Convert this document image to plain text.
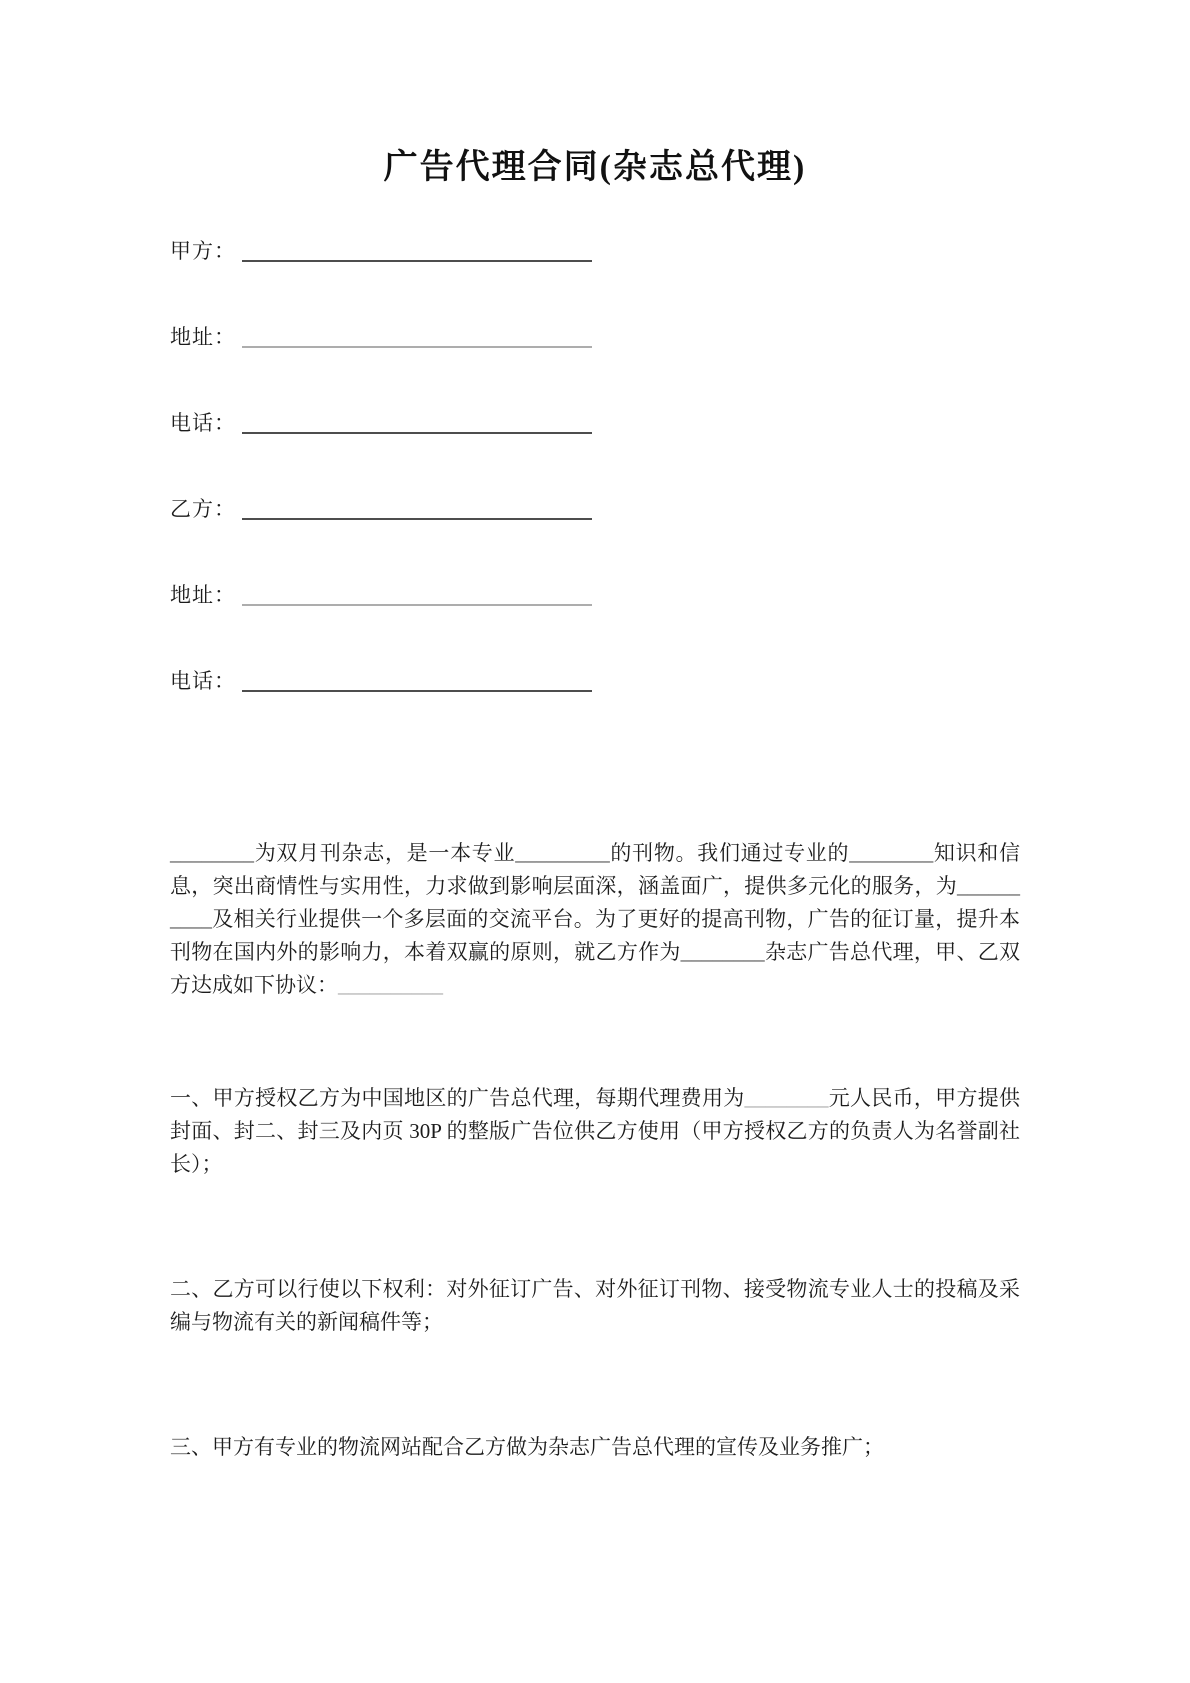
广告代理合同(杂志总代理)
甲方：
地址：
电话：
乙方：
地址：
电话：

________为双月刊杂志，是一本专业_________的刊物。我们通过专业的________知识和信息，突出商情性与实用性，力求做到影响层面深，涵盖面广，提供多元化的服务，为__________及相关行业提供一个多层面的交流平台。为了更好的提高刊物，广告的征订量，提升本刊物在国内外的影响力，本着双赢的原则，就乙方作为________杂志广告总代理，甲、乙双方达成如下协议：__________

一、甲方授权乙方为中国地区的广告总代理，每期代理费用为________元人民币，甲方提供封面、封二、封三及内页 30P 的整版广告位供乙方使用（甲方授权乙方的负责人为名誉副社长）；

二、乙方可以行使以下权利：对外征订广告、对外征订刊物、接受物流专业人士的投稿及采编与物流有关的新闻稿件等；

三、甲方有专业的物流网站配合乙方做为杂志广告总代理的宣传及业务推广；
